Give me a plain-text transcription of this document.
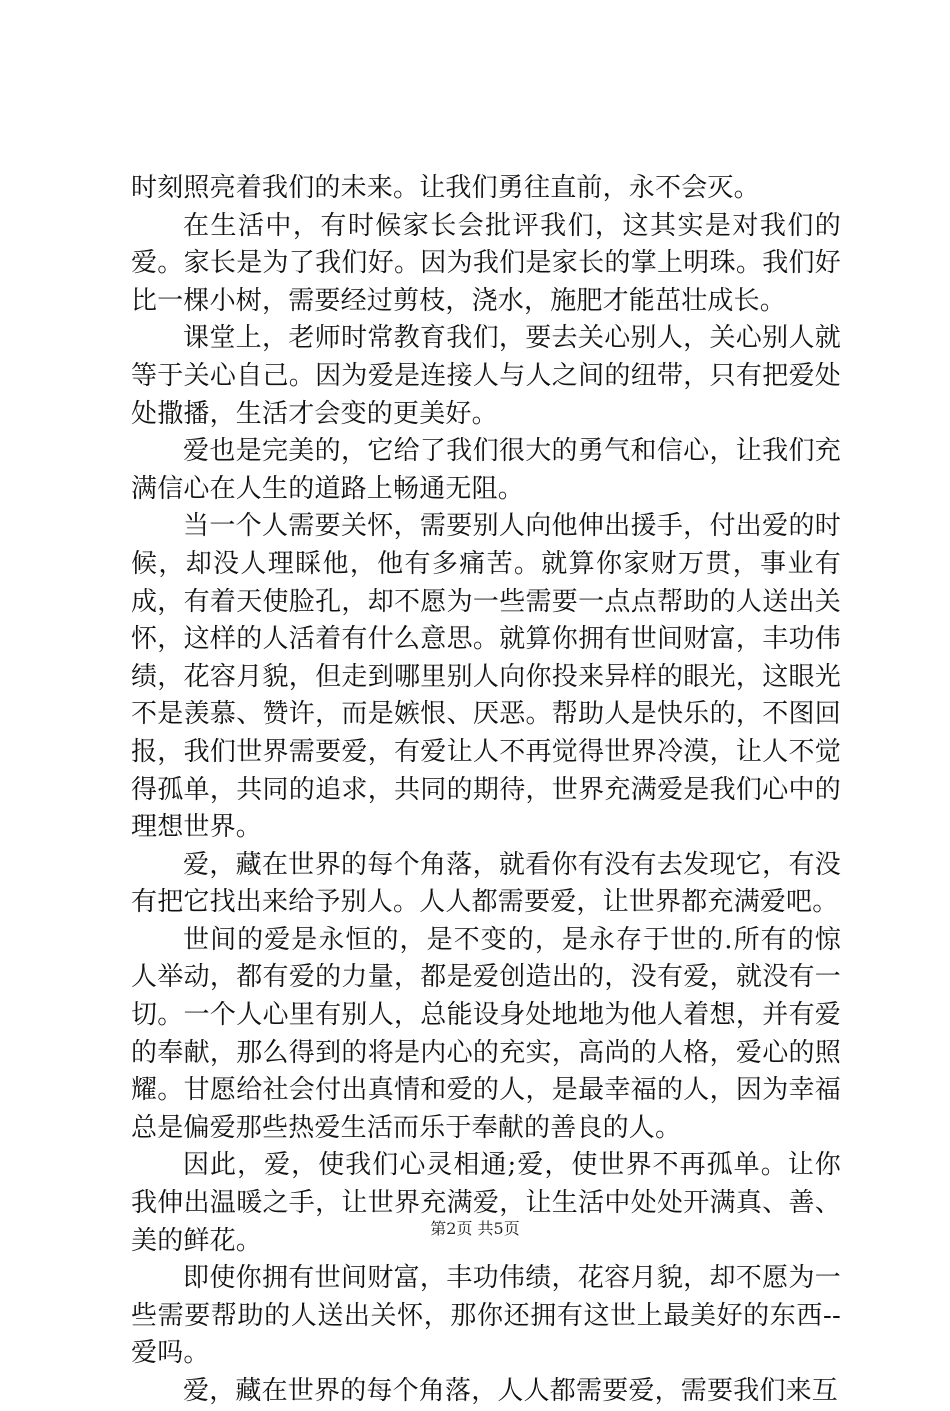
时刻照亮着我们的未来。让我们勇往直前，永不会灭。

在生活中，有时候家长会批评我们，这其实是对我们的爱。家长是为了我们好。因为我们是家长的掌上明珠。我们好比一棵小树，需要经过剪枝，浇水，施肥才能茁壮成长。

课堂上，老师时常教育我们，要去关心别人，关心别人就等于关心自己。因为爱是连接人与人之间的纽带，只有把爱处处撒播，生活才会变的更美好。

爱也是完美的，它给了我们很大的勇气和信心，让我们充满信心在人生的道路上畅通无阻。

当一个人需要关怀，需要别人向他伸出援手，付出爱的时候，却没人理睬他，他有多痛苦。就算你家财万贯，事业有成，有着天使脸孔，却不愿为一些需要一点点帮助的人送出关怀，这样的人活着有什么意思。就算你拥有世间财富，丰功伟绩，花容月貌，但走到哪里别人向你投来异样的眼光，这眼光不是羡慕、赞许，而是嫉恨、厌恶。帮助人是快乐的，不图回报，我们世界需要爱，有爱让人不再觉得世界冷漠，让人不觉得孤单，共同的追求，共同的期待，世界充满爱是我们心中的理想世界。

爱，藏在世界的每个角落，就看你有没有去发现它，有没有把它找出来给予别人。人人都需要爱，让世界都充满爱吧。

世间的爱是永恒的，是不变的，是永存于世的.所有的惊人举动，都有爱的力量，都是爱创造出的，没有爱，就没有一切。一个人心里有别人，总能设身处地地为他人着想，并有爱的奉献，那么得到的将是内心的充实，高尚的人格，爱心的照耀。甘愿给社会付出真情和爱的人，是最幸福的人，因为幸福总是偏爱那些热爱生活而乐于奉献的善良的人。

因此，爱，使我们心灵相通;爱，使世界不再孤单。让你我伸出温暖之手，让世界充满爱，让生活中处处开满真、善、美的鲜花。

即使你拥有世间财富，丰功伟绩，花容月貌，却不愿为一些需要帮助的人送出关怀，那你还拥有这世上最美好的东西--爱吗。

爱，藏在世界的每个角落，人人都需要爱，需要我们来互

第2页 共5页
